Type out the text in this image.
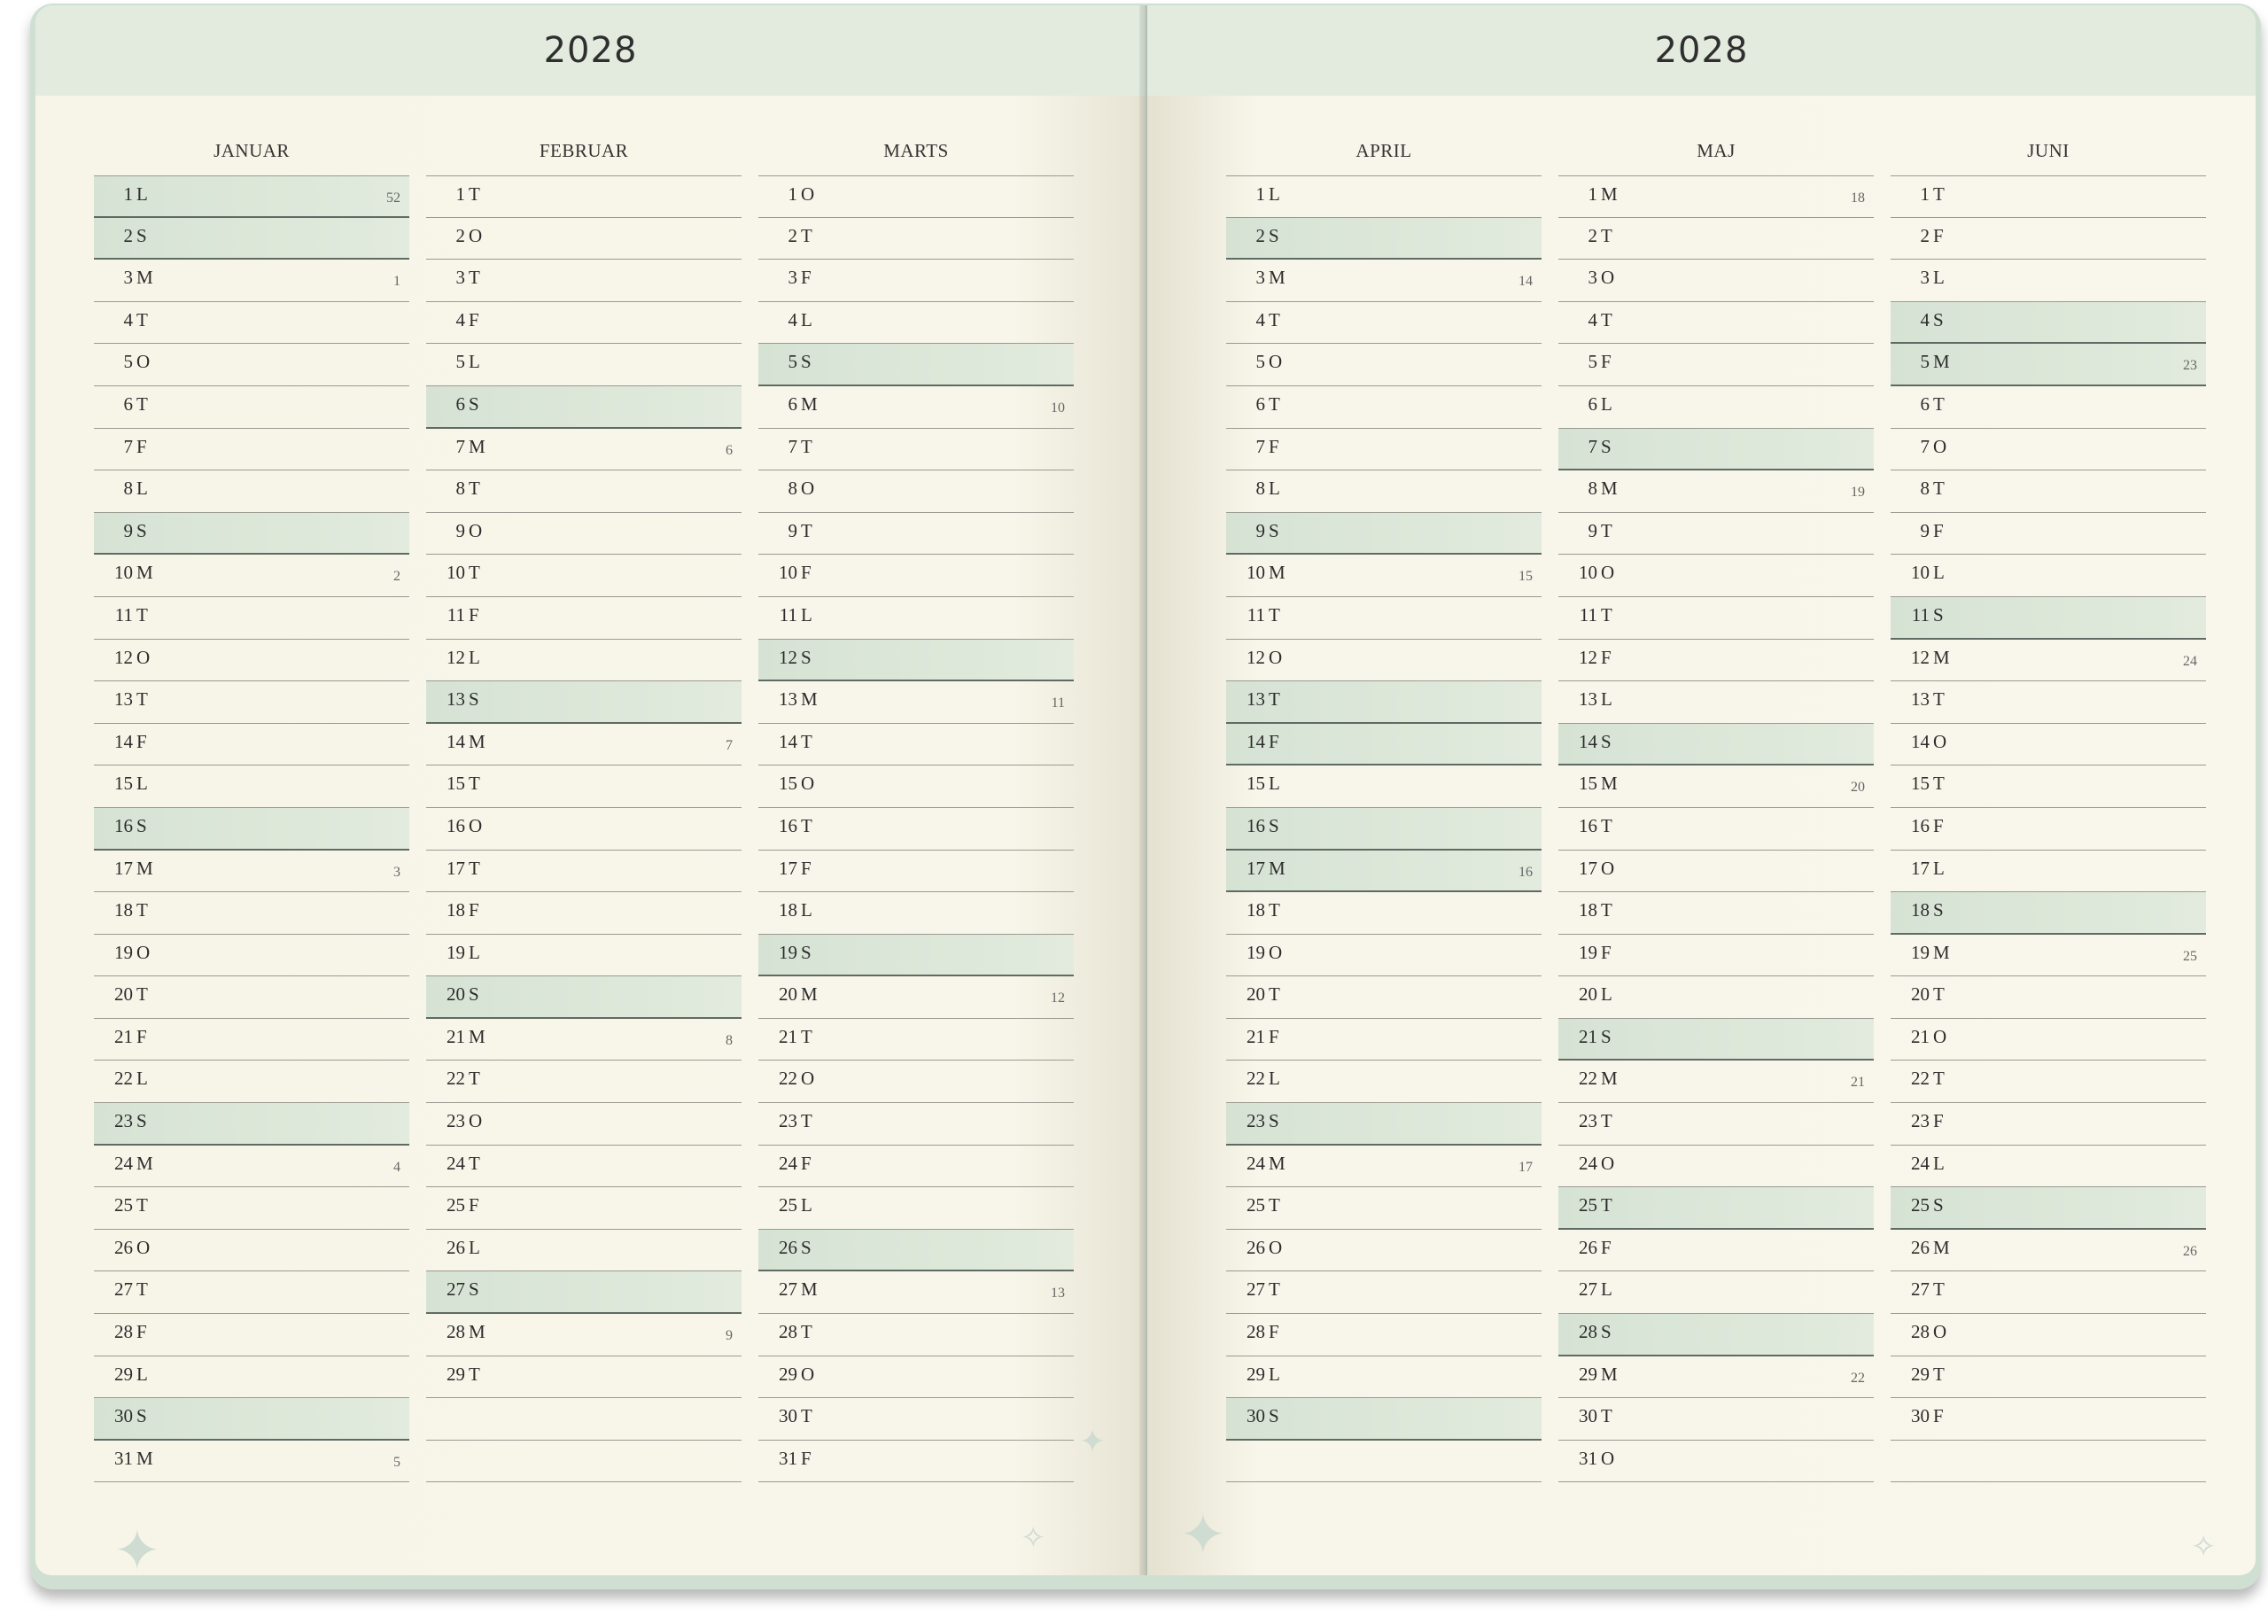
2028
JANUAR
1 L	52
2 S
3 M	1
4 T
5 O
6 T
7 F
8 L
9 S
10 M	2
11 T
12 O
13 T
14 F
15 L
16 S
17 M	3
18 T
19 O
20 T
21 F
22 L
23 S
24 M	4
25 T
26 O
27 T
28 F
29 L
30 S
31 M	5
FEBRUAR
1 T
2 O
3 T
4 F
5 L
6 S
7 M	6
8 T
9 O
10 T
11 F
12 L
13 S
14 M	7
15 T
16 O
17 T
18 F
19 L
20 S
21 M	8
22 T
23 O
24 T
25 F
26 L
27 S
28 M	9
29 T
MARTS
1 O
2 T
3 F
4 L
5 S
6 M	10
7 T
8 O
9 T
10 F
11 L
12 S
13 M	11
14 T
15 O
16 T
17 F
18 L
19 S
20 M	12
21 T
22 O
23 T
24 F
25 L
26 S
27 M	13
28 T
29 O
30 T
31 F
✦
✦
✧
2028
APRIL
1 L
2 S
3 M	14
4 T
5 O
6 T
7 F
8 L
9 S
10 M	15
11 T
12 O
13 T
14 F
15 L
16 S
17 M	16
18 T
19 O
20 T
21 F
22 L
23 S
24 M	17
25 T
26 O
27 T
28 F
29 L
30 S
MAJ
1 M	18
2 T
3 O
4 T
5 F
6 L
7 S
8 M	19
9 T
10 O
11 T
12 F
13 L
14 S
15 M	20
16 T
17 O
18 T
19 F
20 L
21 S
22 M	21
23 T
24 O
25 T
26 F
27 L
28 S
29 M	22
30 T
31 O
JUNI
1 T
2 F
3 L
4 S
5 M	23
6 T
7 O
8 T
9 F
10 L
11 S
12 M	24
13 T
14 O
15 T
16 F
17 L
18 S
19 M	25
20 T
21 O
22 T
23 F
24 L
25 S
26 M	26
27 T
28 O
29 T
30 F
✦	✧
